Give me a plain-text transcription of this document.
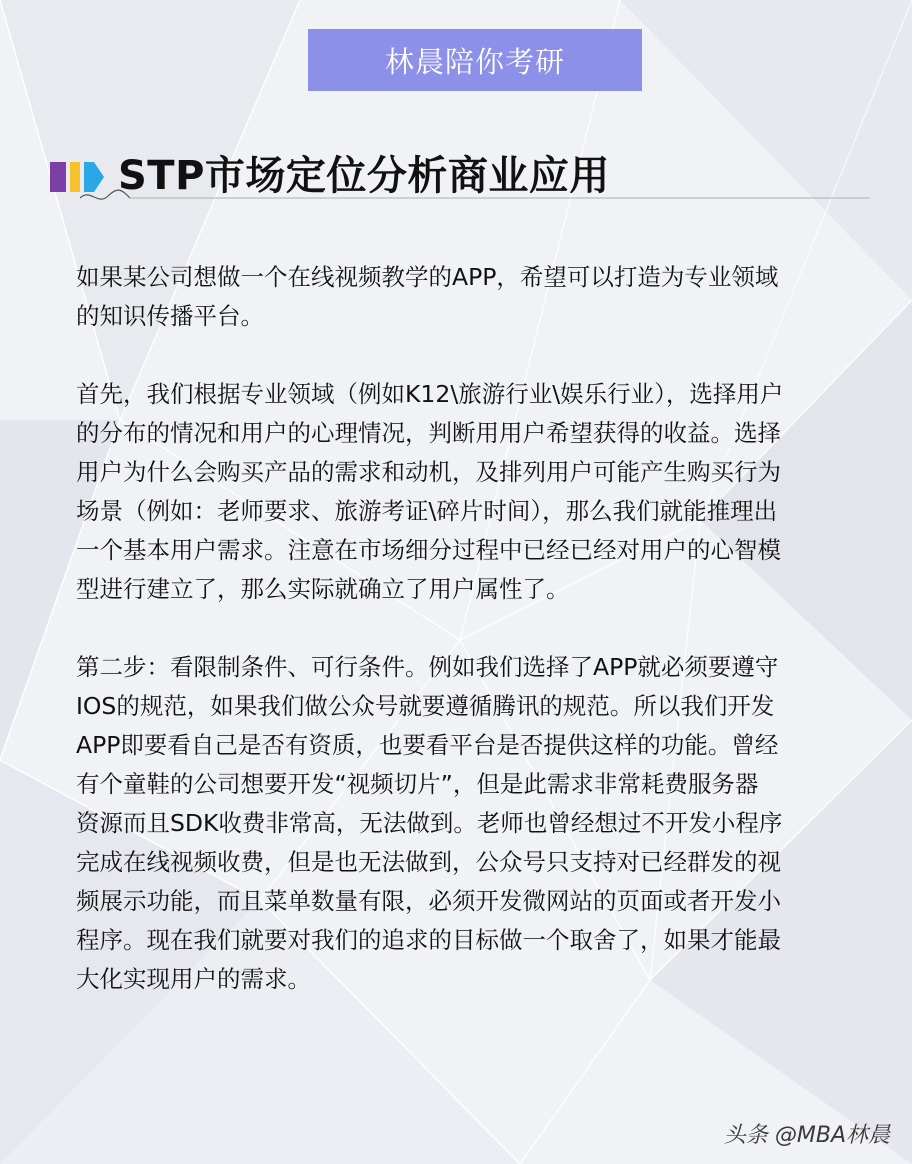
林晨陪你考研
STP市场定位分析商业应用

如果某公司想做一个在线视频教学的APP，希望可以打造为专业领域
的知识传播平台。

首先，我们根据专业领域（例如K12\旅游行业\娱乐行业），选择用户
的分布的情况和用户的心理情况，判断用用户希望获得的收益。选择
用户为什么会购买产品的需求和动机，及排列用户可能产生购买行为
场景（例如：老师要求、旅游考证\碎片时间），那么我们就能推理出
一个基本用户需求。注意在市场细分过程中已经已经对用户的心智模
型进行建立了，那么实际就确立了用户属性了。

第二步：看限制条件、可行条件。例如我们选择了APP就必须要遵守
IOS的规范，如果我们做公众号就要遵循腾讯的规范。所以我们开发
APP即要看自己是否有资质，也要看平台是否提供这样的功能。曾经
有个童鞋的公司想要开发“视频切片”，但是此需求非常耗费服务器
资源而且SDK收费非常高，无法做到。老师也曾经想过不开发小程序
完成在线视频收费，但是也无法做到，公众号只支持对已经群发的视
频展示功能，而且菜单数量有限，必须开发微网站的页面或者开发小
程序。现在我们就要对我们的追求的目标做一个取舍了，如果才能最
大化实现用户的需求。

头条 @MBA林晨
